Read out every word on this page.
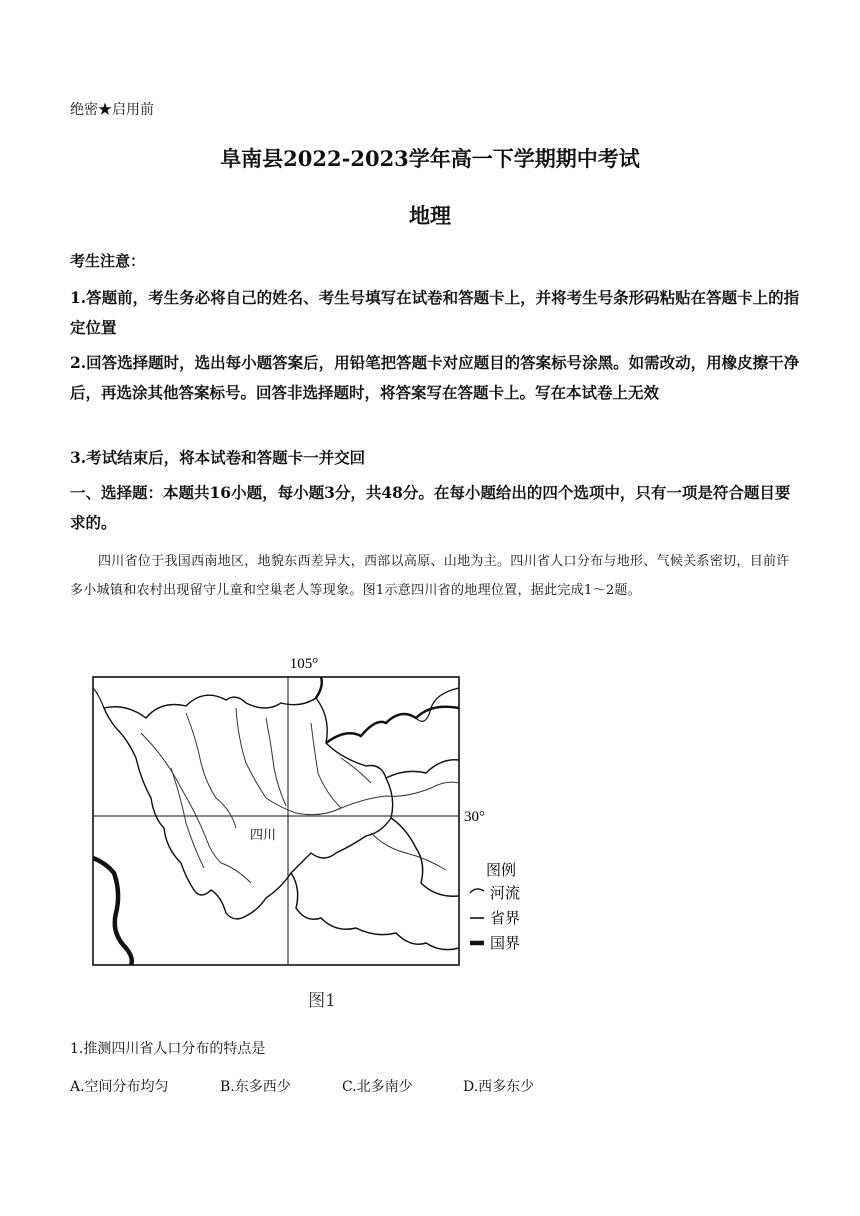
绝密★启用前
阜南县2022-2023学年高一下学期期中考试
地理
考生注意：
1.答题前，考生务必将自己的姓名、考生号填写在试卷和答题卡上，并将考生号条形码粘贴在答题卡上的指定位置
2.回答选择题时，选出每小题答案后，用铅笔把答题卡对应题目的答案标号涂黑。如需改动，用橡皮擦干净后，再选涂其他答案标号。回答非选择题时，将答案写在答题卡上。写在本试卷上无效
3.考试结束后，将本试卷和答题卡一并交回
一、选择题：本题共16小题，每小题3分，共48分。在每小题给出的四个选项中，只有一项是符合题目要求的。
四川省位于我国西南地区，地貌东西差异大，西部以高原、山地为主。四川省人口分布与地形、气候关系密切，目前许多小城镇和农村出现留守儿童和空巢老人等现象。图1示意四川省的地理位置，据此完成1～2题。
105°
30°
四川
图例
河流
省界
国界
图1
1.推测四川省人口分布的特点是
A.空间分布均匀	B.东多西少	C.北多南少	D.西多东少
